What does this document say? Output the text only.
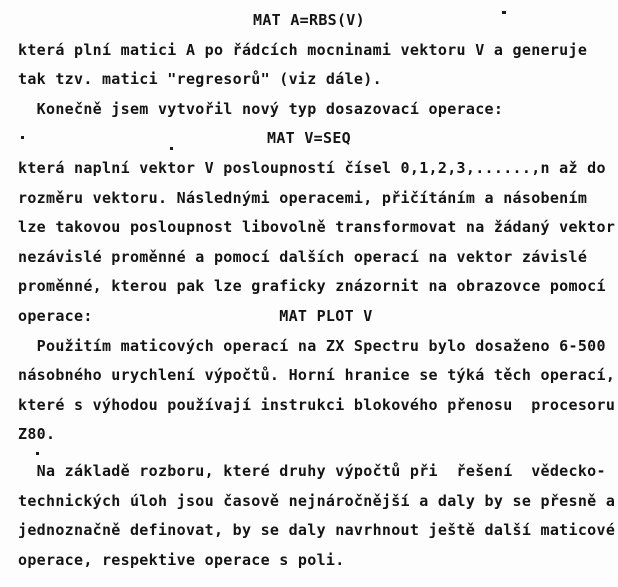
MAT A=RBS(V)
která plní matici A po řádcích mocninami vektoru V a generuje
tak tzv. matici "regresorů" (viz dále).
Konečně jsem vytvořil nový typ dosazovací operace:
MAT V=SEQ
která naplní vektor V posloupností čísel 0,1,2,3,......,n až do
rozměru vektoru. Následnými operacemi, přičítáním a násobením
lze takovou posloupnost libovolně transformovat na žádaný vektor
nezávislé proměnné a pomocí dalších operací na vektor závislé
proměnné, kterou pak lze graficky znázornit na obrazovce pomocí
operace:                    MAT PLOT V
Použitím maticových operací na ZX Spectru bylo dosaženo 6-500
násobného urychlení výpočtů. Horní hranice se týká těch operací,
které s výhodou používají instrukci blokového přenosu  procesoru
Z80.
Na základě rozboru, které druhy výpočtů při  řešení  vědecko-
technických úloh jsou časově nejnáročnější a daly by se přesně a
jednoznačně definovat, by se daly navrhnout ještě další maticové
operace, respektive operace s poli.
